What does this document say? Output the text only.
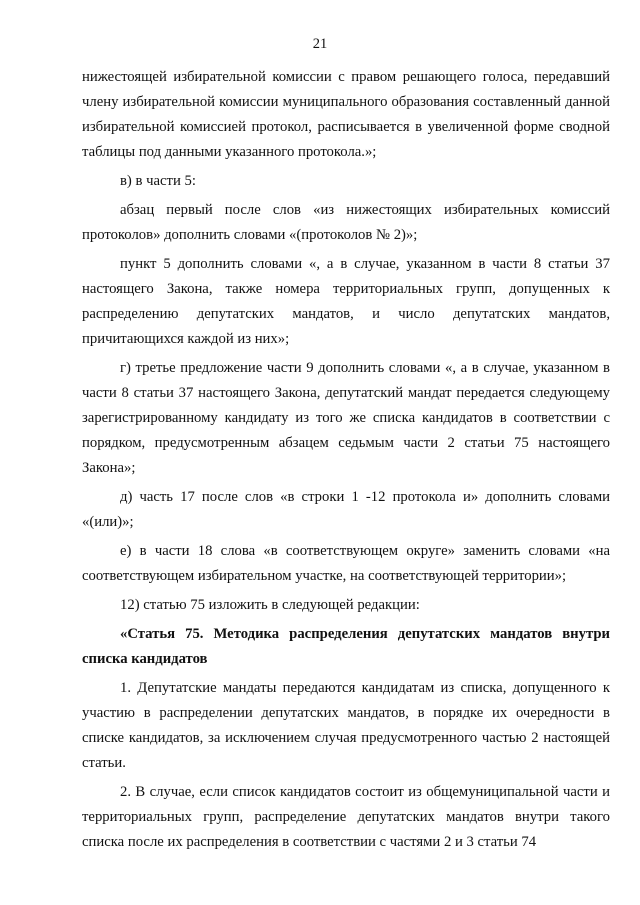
21

нижестоящей избирательной комиссии с правом решающего голоса, передавший члену избирательной комиссии муниципального образования составленный данной избирательной комиссией протокол, расписывается в увеличенной форме сводной таблицы под данными указанного протокола.»;

в) в части 5:

абзац первый после слов «из нижестоящих избирательных комиссий протоколов» дополнить словами «(протоколов № 2)»;

пункт 5 дополнить словами «, а в случае, указанном в части 8 статьи 37 настоящего Закона, также номера территориальных групп, допущенных к распределению депутатских мандатов, и число депутатских мандатов, причитающихся каждой из них»;

г) третье предложение части 9 дополнить словами «, а в случае, указанном в части 8 статьи 37 настоящего Закона, депутатский мандат передается следующему зарегистрированному кандидату из того же списка кандидатов в соответствии с порядком, предусмотренным абзацем седьмым части 2 статьи 75 настоящего Закона»;

д) часть 17 после слов «в строки 1 -12 протокола и» дополнить словами «(или)»;

е) в части 18 слова «в соответствующем округе» заменить словами «на соответствующем избирательном участке, на соответствующей территории»;

12) статью 75 изложить в следующей редакции:

«Статья 75. Методика распределения депутатских мандатов внутри списка кандидатов

1. Депутатские мандаты передаются кандидатам из списка, допущенного к участию в распределении депутатских мандатов, в порядке их очередности в списке кандидатов, за исключением случая предусмотренного частью 2 настоящей статьи.

2. В случае, если список кандидатов состоит из общемуниципальной части и территориальных групп, распределение депутатских мандатов внутри такого списка после их распределения в соответствии с частями 2 и 3 статьи 74
